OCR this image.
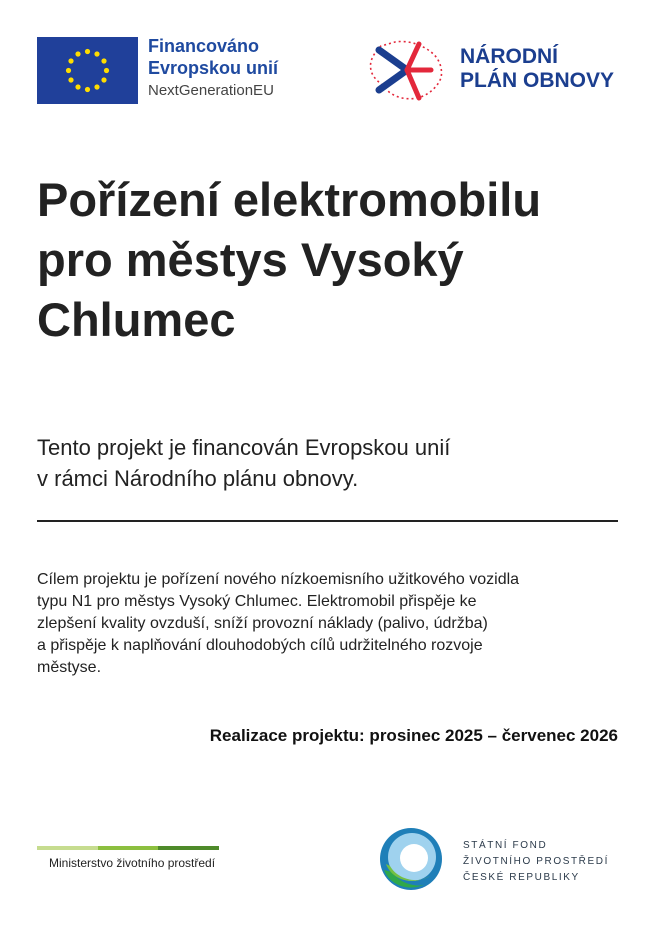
Financováno
Evropskou unií
NextGenerationEU
NÁRODNÍ
PLÁN OBNOVY
Pořízení elektromobilu
pro městys Vysoký
Chlumec
Tento projekt je financován Evropskou unií
v rámci Národního plánu obnovy.
Cílem projektu je pořízení nového nízkoemisního užitkového vozidla
typu N1 pro městys Vysoký Chlumec. Elektromobil přispěje ke
zlepšení kvality ovzduší, sníží provozní náklady (palivo, údržba)
a přispěje k naplňování dlouhodobých cílů udržitelného rozvoje
městyse.
Realizace projektu: prosinec 2025 – červenec 2026
Ministerstvo životního prostředí
STÁTNÍ FOND
ŽIVOTNÍHO PROSTŘEDÍ
ČESKÉ REPUBLIKY
